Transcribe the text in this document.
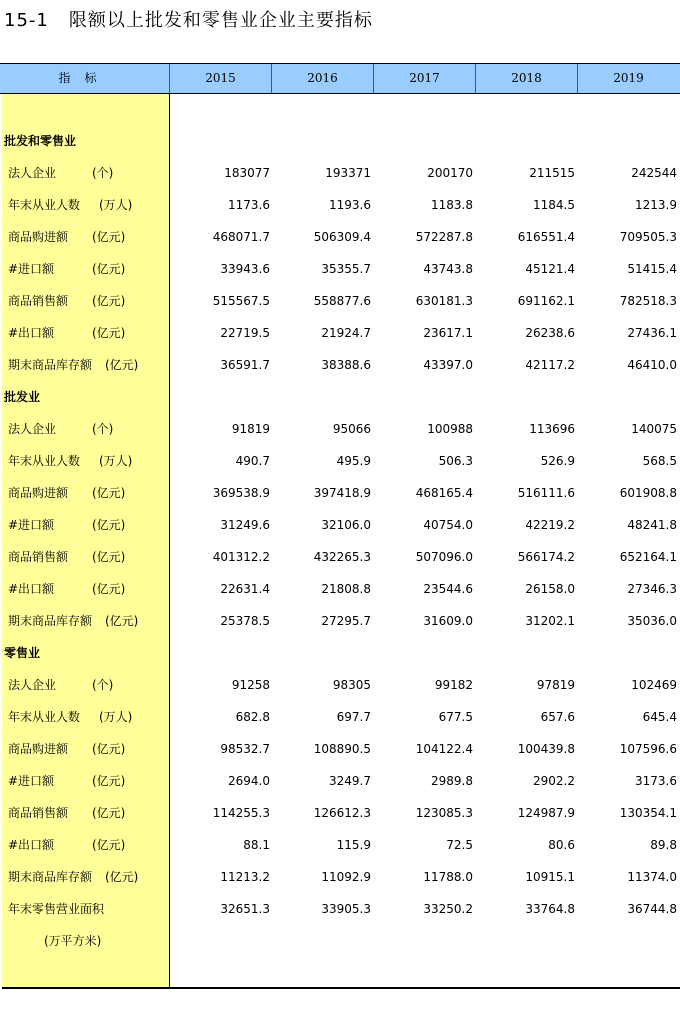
15-1 限额以上批发和零售业企业主要指标
指标	2015	2016	2017	2018	2019
批发和零售业
法人企业	(个)	183077	193371	200170	211515	242544
年末从业人数 (万人)	1173.6	1193.6	1183.8	1184.5	1213.9
商品购进额 (亿元)	468071.7	506309.4	572287.8	616551.4	709505.3
#进口额	(亿元)	33943.6	35355.7	43743.8	45121.4	51415.4
商品销售额 (亿元)	515567.5	558877.6	630181.3	691162.1	782518.3
#出口额	(亿元)	22719.5	21924.7	23617.1	26238.6	27436.1
期末商品库存额 (亿元)	36591.7	38388.6	43397.0	42117.2	46410.0
批发业
法人企业	(个)	91819	95066	100988	113696	140075
年末从业人数 (万人)	490.7	495.9	506.3	526.9	568.5
商品购进额 (亿元)	369538.9	397418.9	468165.4	516111.6	601908.8
#进口额	(亿元)	31249.6	32106.0	40754.0	42219.2	48241.8
商品销售额 (亿元)	401312.2	432265.3	507096.0	566174.2	652164.1
#出口额	(亿元)	22631.4	21808.8	23544.6	26158.0	27346.3
期末商品库存额 (亿元)	25378.5	27295.7	31609.0	31202.1	35036.0
零售业
法人企业	(个)	91258	98305	99182	97819	102469
年末从业人数 (万人)	682.8	697.7	677.5	657.6	645.4
商品购进额 (亿元)	98532.7	108890.5	104122.4	100439.8	107596.6
#进口额	(亿元)	2694.0	3249.7	2989.8	2902.2	3173.6
商品销售额 (亿元)	114255.3	126612.3	123085.3	124987.9	130354.1
#出口额	(亿元)	88.1	115.9	72.5	80.6	89.8
期末商品库存额 (亿元)	11213.2	11092.9	11788.0	10915.1	11374.0
年末零售营业面积	32651.3	33905.3	33250.2	33764.8	36744.8
(万平方米)
